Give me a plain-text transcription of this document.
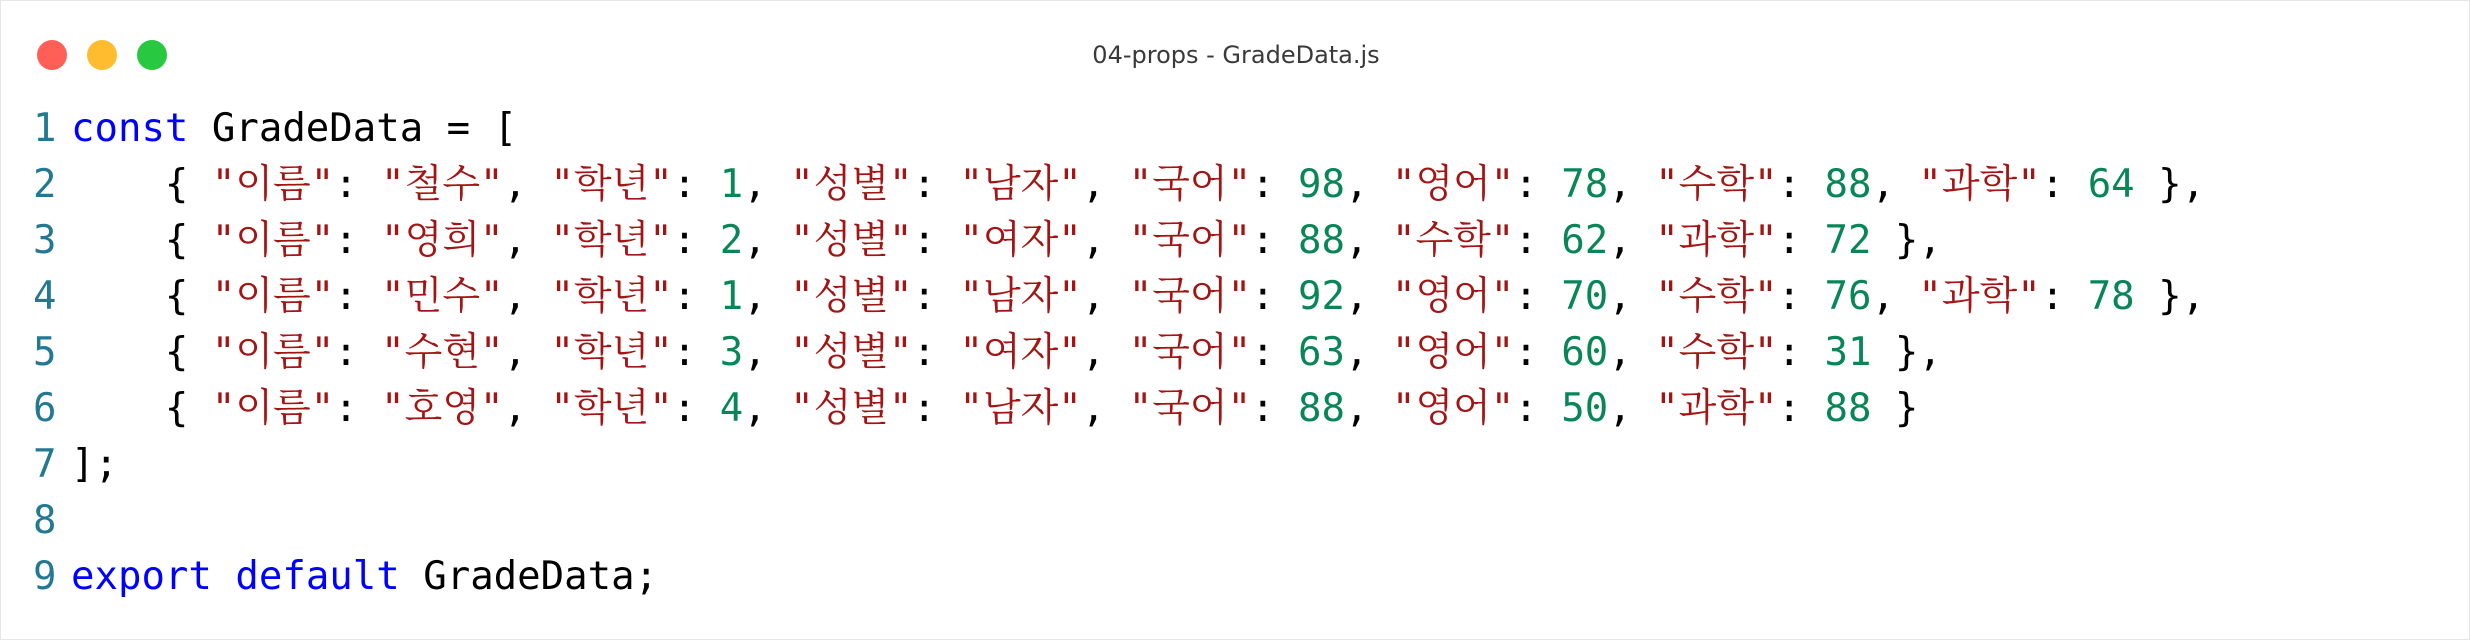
04-props - GradeData.js
1 const GradeData = [
2    { "이름": "철수", "학년": 1, "성별": "남자", "국어": 98, "영어": 78, "수학": 88, "과학": 64 },
3    { "이름": "영희", "학년": 2, "성별": "여자", "국어": 88, "수학": 62, "과학": 72 },
4    { "이름": "민수", "학년": 1, "성별": "남자", "국어": 92, "영어": 70, "수학": 76, "과학": 78 },
5    { "이름": "수현", "학년": 3, "성별": "여자", "국어": 63, "영어": 60, "수학": 31 },
6    { "이름": "호영", "학년": 4, "성별": "남자", "국어": 88, "영어": 50, "과학": 88 }
7 ];
8
9 export default GradeData;
